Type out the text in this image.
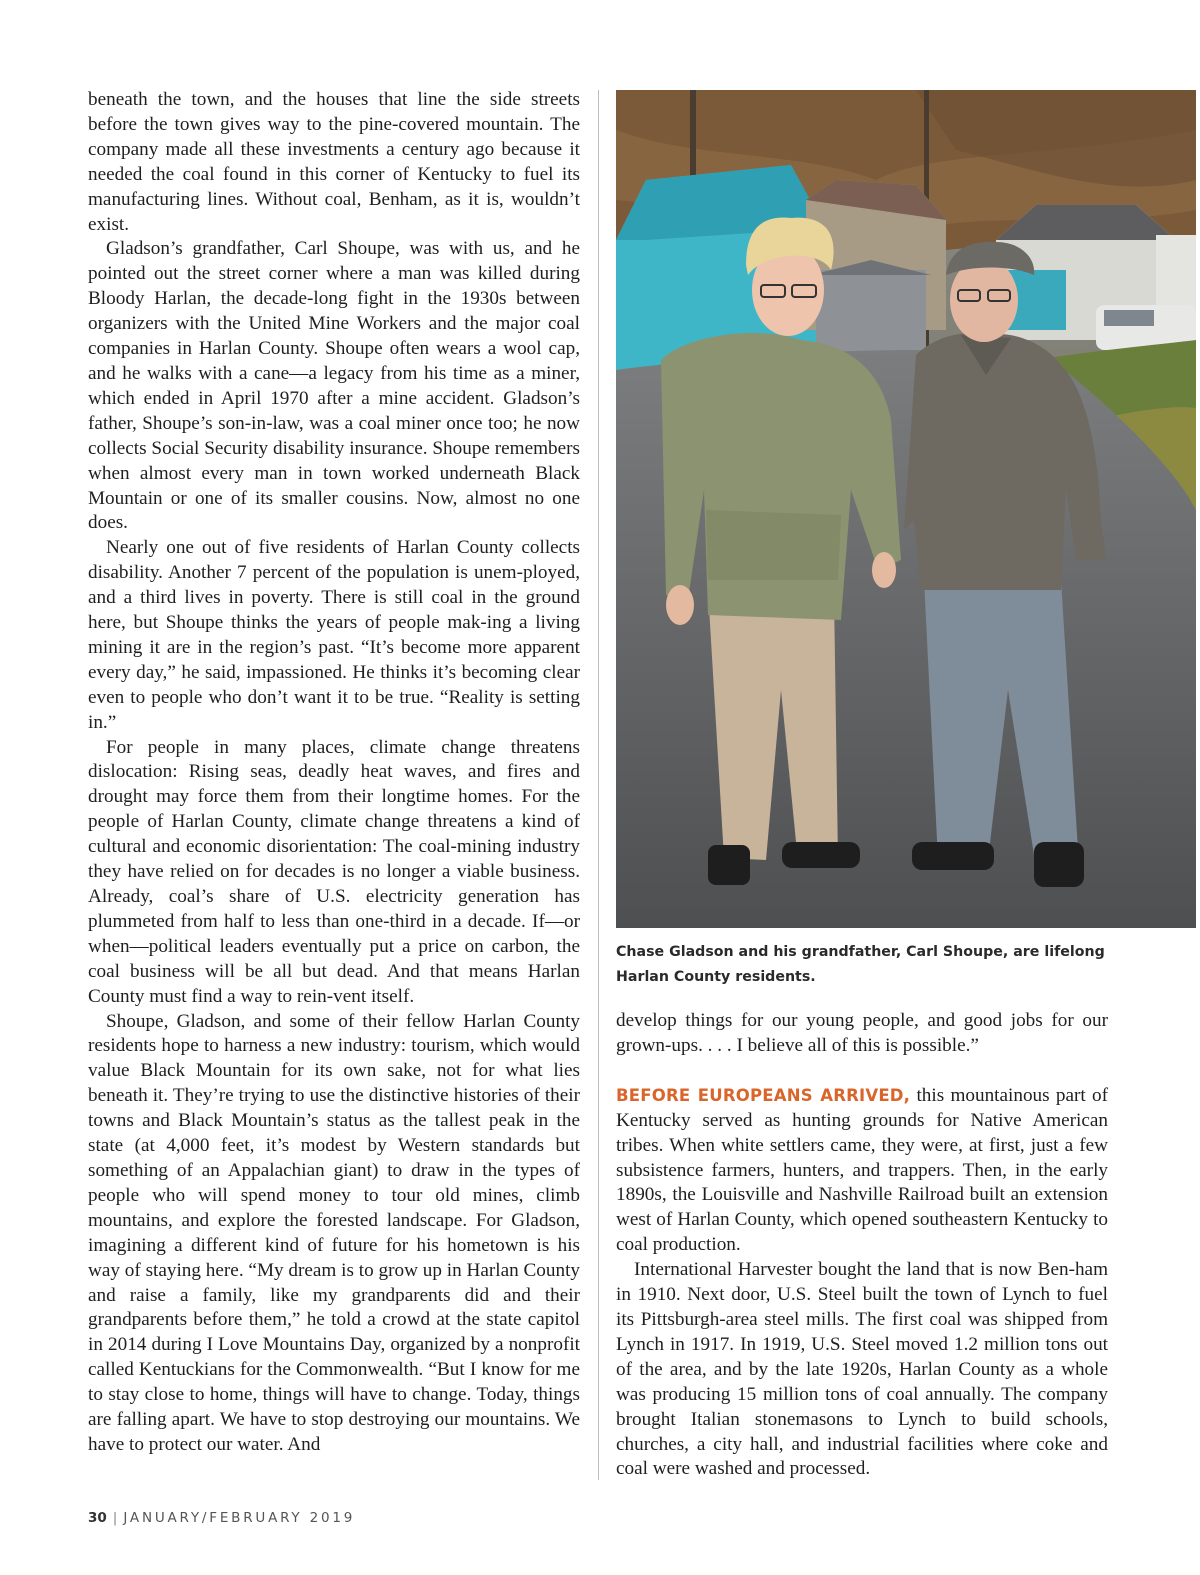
beneath the town, and the houses that line the side streets before the town gives way to the pine-covered mountain. The company made all these investments a century ago because it needed the coal found in this corner of Kentucky to fuel its manufacturing lines. Without coal, Benham, as it is, wouldn’t exist.

Gladson’s grandfather, Carl Shoupe, was with us, and he pointed out the street corner where a man was killed during Bloody Harlan, the decade-long fight in the 1930s between organizers with the United Mine Workers and the major coal companies in Harlan County. Shoupe often wears a wool cap, and he walks with a cane—a legacy from his time as a miner, which ended in April 1970 after a mine accident. Gladson’s father, Shoupe’s son-in-law, was a coal miner once too; he now collects Social Security disability insurance. Shoupe remembers when almost every man in town worked underneath Black Mountain or one of its smaller cousins. Now, almost no one does.

Nearly one out of five residents of Harlan County collects disability. Another 7 percent of the population is unem-ployed, and a third lives in poverty. There is still coal in the ground here, but Shoupe thinks the years of people mak-ing a living mining it are in the region’s past. “It’s become more apparent every day,” he said, impassioned. He thinks it’s becoming clear even to people who don’t want it to be true. “Reality is setting in.”

For people in many places, climate change threatens dislocation: Rising seas, deadly heat waves, and fires and drought may force them from their longtime homes. For the people of Harlan County, climate change threatens a kind of cultural and economic disorientation: The coal-mining industry they have relied on for decades is no longer a viable business. Already, coal’s share of U.S. electricity generation has plummeted from half to less than one-third in a decade. If—or when—political leaders eventually put a price on carbon, the coal business will be all but dead. And that means Harlan County must find a way to rein-vent itself.

Shoupe, Gladson, and some of their fellow Harlan County residents hope to harness a new industry: tourism, which would value Black Mountain for its own sake, not for what lies beneath it. They’re trying to use the distinctive histories of their towns and Black Mountain’s status as the tallest peak in the state (at 4,000 feet, it’s modest by Western standards but something of an Appalachian giant) to draw in the types of people who will spend money to tour old mines, climb mountains, and explore the forested landscape. For Gladson, imagining a different kind of future for his hometown is his way of staying here. “My dream is to grow up in Harlan County and raise a family, like my grandparents did and their grandparents before them,” he told a crowd at the state capitol in 2014 during I Love Mountains Day, organized by a nonprofit called Kentuckians for the Commonwealth. “But I know for me to stay close to home, things will have to change. Today, things are falling apart. We have to stop destroying our mountains. We have to protect our water. And

Chase Gladson and his grandfather, Carl Shoupe, are lifelong Harlan County residents.

develop things for our young people, and good jobs for our grown-ups. . . . I believe all of this is possible.”

BEFORE EUROPEANS ARRIVED, this mountainous part of Kentucky served as hunting grounds for Native American tribes. When white settlers came, they were, at first, just a few subsistence farmers, hunters, and trappers. Then, in the early 1890s, the Louisville and Nashville Railroad built an extension west of Harlan County, which opened southeastern Kentucky to coal production.

International Harvester bought the land that is now Ben-ham in 1910. Next door, U.S. Steel built the town of Lynch to fuel its Pittsburgh-area steel mills. The first coal was shipped from Lynch in 1917. In 1919, U.S. Steel moved 1.2 million tons out of the area, and by the late 1920s, Harlan County as a whole was producing 15 million tons of coal annually. The company brought Italian stonemasons to Lynch to build schools, churches, a city hall, and industrial facilities where coke and coal were washed and processed.

30 | JANUARY/FEBRUARY 2019
